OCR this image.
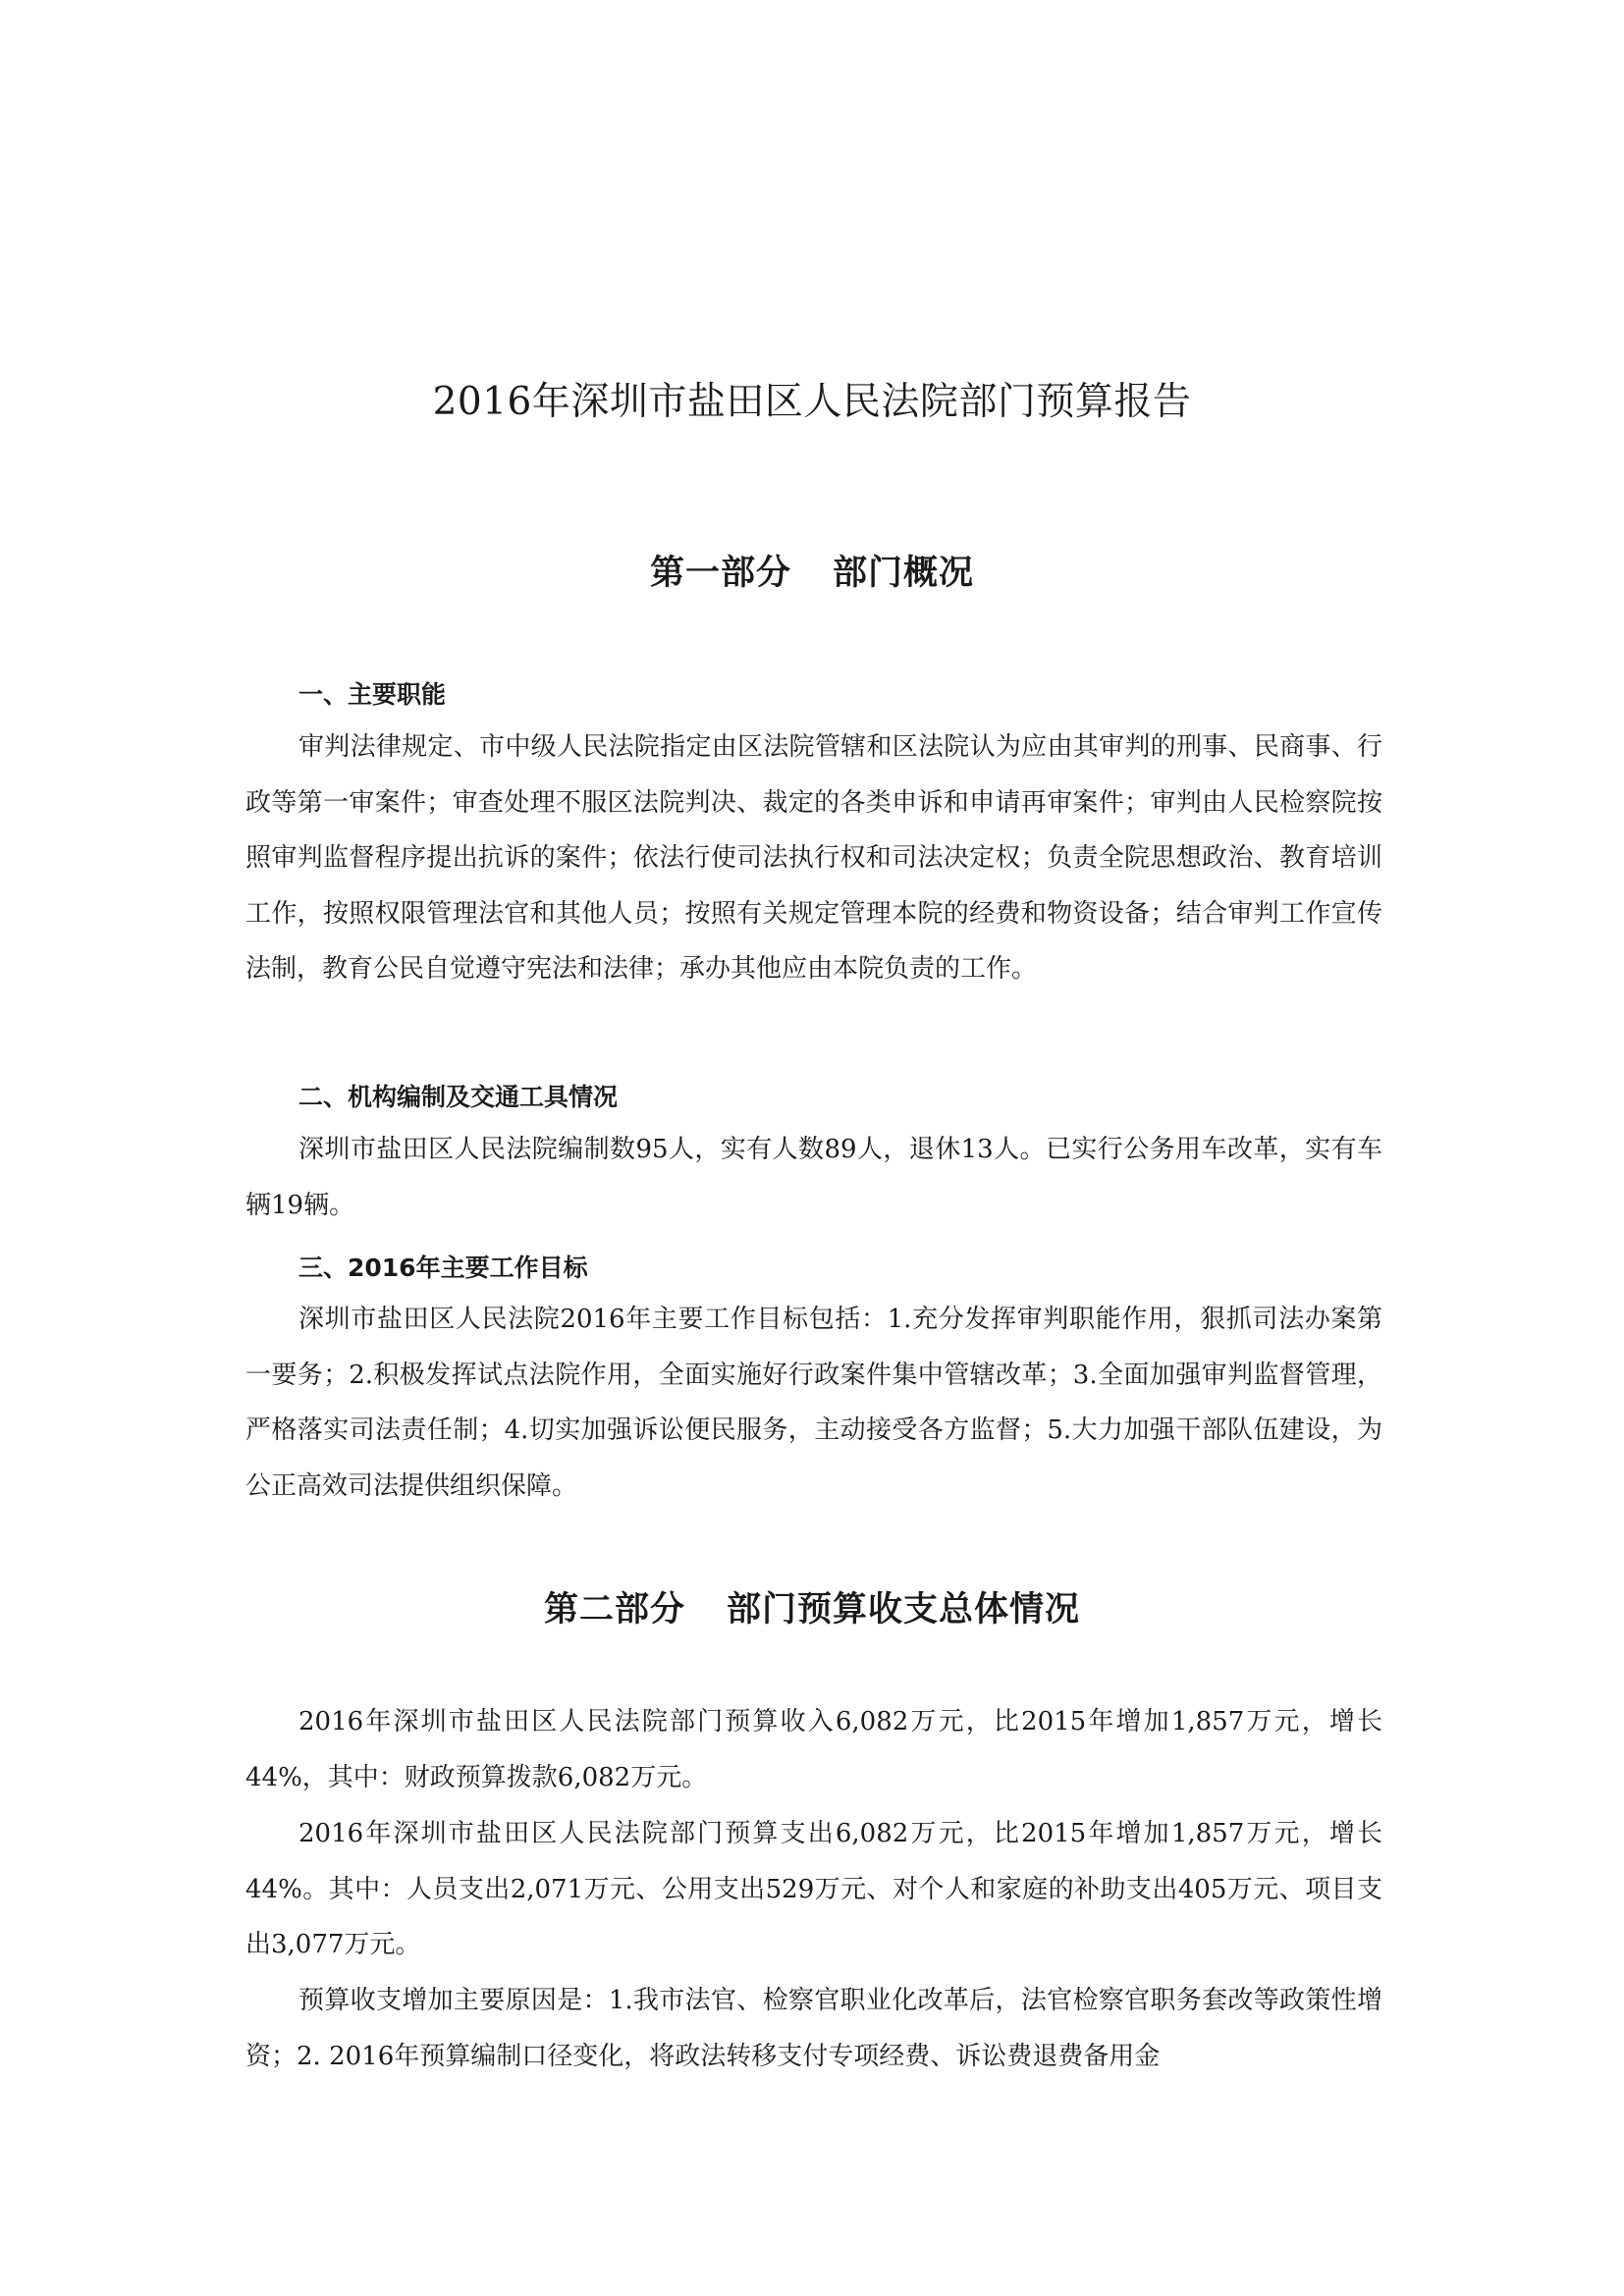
2016年深圳市盐田区人民法院部门预算报告
第一部分 部门概况
一、主要职能

审判法律规定、市中级人民法院指定由区法院管辖和区法院认为应由其审判的刑事、民商事、行政等第一审案件；审查处理不服区法院判决、裁定的各类申诉和申请再审案件；审判由人民检察院按照审判监督程序提出抗诉的案件；依法行使司法执行权和司法决定权；负责全院思想政治、教育培训工作，按照权限管理法官和其他人员；按照有关规定管理本院的经费和物资设备；结合审判工作宣传法制，教育公民自觉遵守宪法和法律；承办其他应由本院负责的工作。

二、机构编制及交通工具情况

深圳市盐田区人民法院编制数95人，实有人数89人，退休13人。已实行公务用车改革，实有车辆19辆。

三、2016年主要工作目标

深圳市盐田区人民法院2016年主要工作目标包括：1.充分发挥审判职能作用，狠抓司法办案第一要务；2.积极发挥试点法院作用，全面实施好行政案件集中管辖改革；3.全面加强审判监督管理，严格落实司法责任制；4.切实加强诉讼便民服务，主动接受各方监督；5.大力加强干部队伍建设，为公正高效司法提供组织保障。

第二部分 部门预算收支总体情况

2016年深圳市盐田区人民法院部门预算收入6,082万元，比2015年增加1,857万元，增长44%，其中：财政预算拨款6,082万元。

2016年深圳市盐田区人民法院部门预算支出6,082万元，比2015年增加1,857万元，增长44%。其中：人员支出2,071万元、公用支出529万元、对个人和家庭的补助支出405万元、项目支出3,077万元。

预算收支增加主要原因是：1.我市法官、检察官职业化改革后，法官检察官职务套改等政策性增资；2. 2016年预算编制口径变化，将政法转移支付专项经费、诉讼费退费备用金
